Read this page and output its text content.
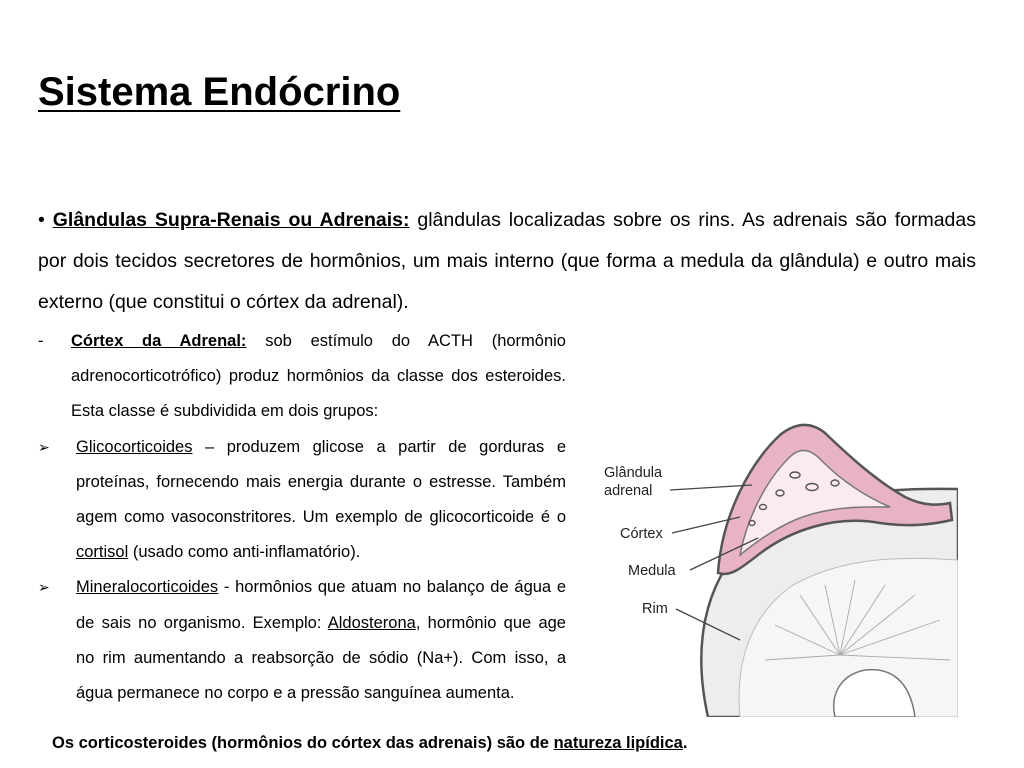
Sistema Endócrino

• Glândulas Supra-Renais ou Adrenais: glândulas localizadas sobre os rins. As adrenais são formadas por dois tecidos secretores de hormônios, um mais interno (que forma a medula da glândula) e outro mais externo (que constitui o córtex da adrenal).

- Córtex da Adrenal: sob estímulo do ACTH (hormônio adrenocorticotrófico) produz hormônios da classe dos esteroides. Esta classe é subdividida em dois grupos:
➢ Glicocorticoides – produzem glicose a partir de gorduras e proteínas, fornecendo mais energia durante o estresse. Também agem como vasoconstritores. Um exemplo de glicocorticoide é o cortisol (usado como anti-inflamatório).
➢ Mineralocorticoides - hormônios que atuam no balanço de água e de sais no organismo. Exemplo: Aldosterona, hormônio que age no rim aumentando a reabsorção de sódio (Na+). Com isso, a água permanece no corpo e a pressão sanguínea aumenta.
Glândula
adrenal
Córtex
Medula
Rim

Os corticosteroides (hormônios do córtex das adrenais) são de natureza lipídica.
